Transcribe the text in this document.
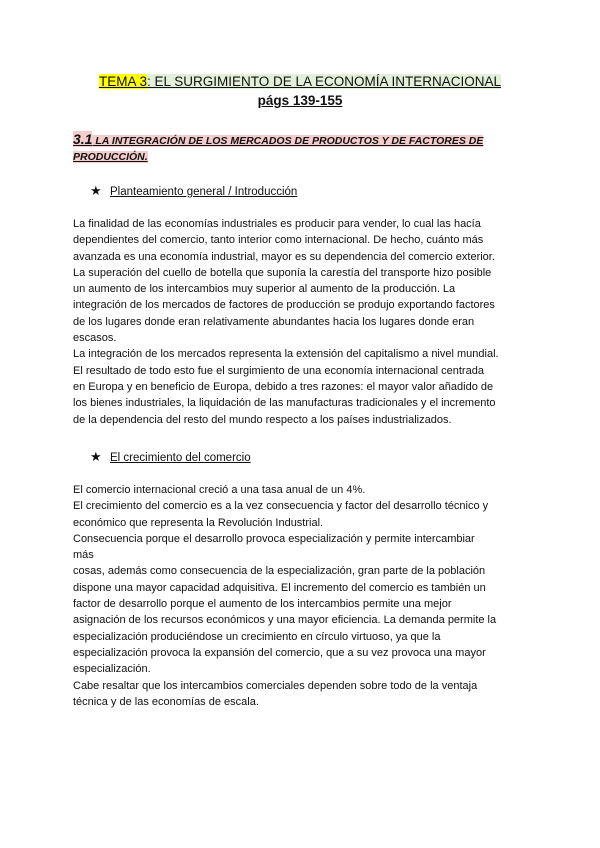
TEMA 3: EL SURGIMIENTO DE LA ECONOMÍA INTERNACIONAL
págs 139-155
3.1 LA INTEGRACIÓN DE LOS MERCADOS DE PRODUCTOS Y DE FACTORES DE
PRODUCCIÓN.
★ Planteamiento general / Introducción

La finalidad de las economías industriales es producir para vender, lo cual las hacía
dependientes del comercio, tanto interior como internacional. De hecho, cuánto más
avanzada es una economía industrial, mayor es su dependencia del comercio exterior.
La superación del cuello de botella que suponía la carestía del transporte hizo posible
un aumento de los intercambios muy superior al aumento de la producción. La
integración de los mercados de factores de producción se produjo exportando factores
de los lugares donde eran relativamente abundantes hacia los lugares donde eran
escasos.
La integración de los mercados representa la extensión del capitalismo a nivel mundial.
El resultado de todo esto fue el surgimiento de una economía internacional centrada
en Europa y en beneficio de Europa, debido a tres razones: el mayor valor añadido de
los bienes industriales, la liquidación de las manufacturas tradicionales y el incremento
de la dependencia del resto del mundo respecto a los países industrializados.

★ El crecimiento del comercio

El comercio internacional creció a una tasa anual de un 4%.
El crecimiento del comercio es a la vez consecuencia y factor del desarrollo técnico y
económico que representa la Revolución Industrial.
Consecuencia porque el desarrollo provoca especialización y permite intercambiar
más
cosas, además como consecuencia de la especialización, gran parte de la población
dispone una mayor capacidad adquisitiva. El incremento del comercio es también un
factor de desarrollo porque el aumento de los intercambios permite una mejor
asignación de los recursos económicos y una mayor eficiencia. La demanda permite la
especialización produciéndose un crecimiento en círculo virtuoso, ya que la
especialización provoca la expansión del comercio, que a su vez provoca una mayor
especialización.
Cabe resaltar que los intercambios comerciales dependen sobre todo de la ventaja
técnica y de las economías de escala.
